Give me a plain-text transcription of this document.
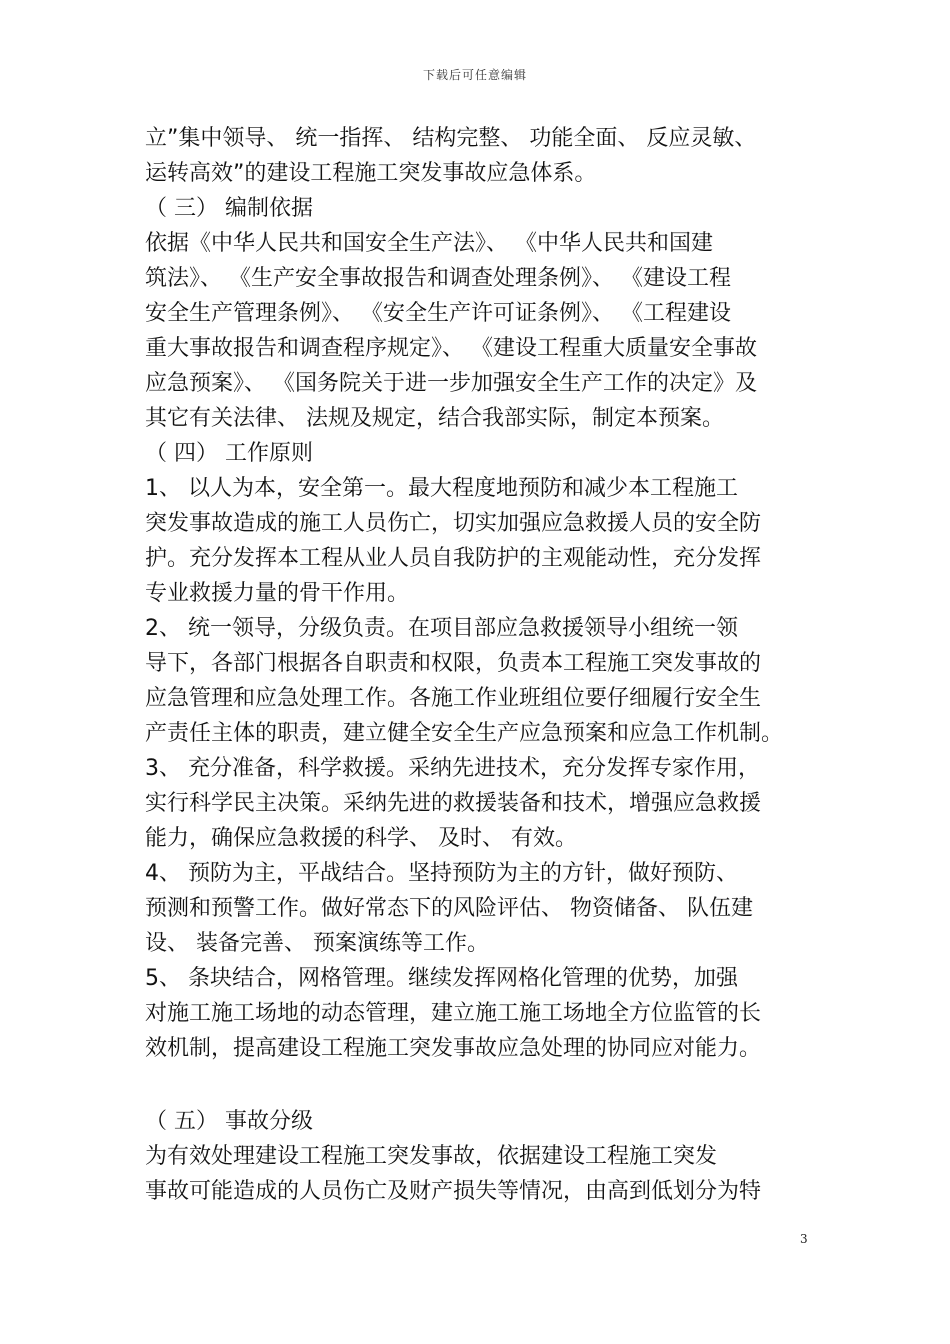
下载后可任意编辑
立”集中领导、 统一指挥、 结构完整、 功能全面、 反应灵敏、
运转高效”的建设工程施工突发事故应急体系。
（ 三） 编制依据
依据《中华人民共和国安全生产法》、 《中华人民共和国建
筑法》、 《生产安全事故报告和调查处理条例》、 《建设工程
安全生产管理条例》、 《安全生产许可证条例》、 《工程建设
重大事故报告和调查程序规定》、 《建设工程重大质量安全事故
应急预案》、 《国务院关于进一步加强安全生产工作的决定》及
其它有关法律、 法规及规定，结合我部实际，制定本预案。
（ 四） 工作原则
1、 以人为本，安全第一。最大程度地预防和减少本工程施工
突发事故造成的施工人员伤亡，切实加强应急救援人员的安全防
护。充分发挥本工程从业人员自我防护的主观能动性，充分发挥
专业救援力量的骨干作用。
2、 统一领导，分级负责。在项目部应急救援领导小组统一领
导下，各部门根据各自职责和权限，负责本工程施工突发事故的
应急管理和应急处理工作。各施工作业班组位要仔细履行安全生
产责任主体的职责，建立健全安全生产应急预案和应急工作机制。
3、 充分准备，科学救援。采纳先进技术，充分发挥专家作用，
实行科学民主决策。采纳先进的救援装备和技术，增强应急救援
能力，确保应急救援的科学、 及时、 有效。
4、 预防为主，平战结合。坚持预防为主的方针，做好预防、
预测和预警工作。做好常态下的风险评估、 物资储备、 队伍建
设、 装备完善、 预案演练等工作。
5、 条块结合，网格管理。继续发挥网格化管理的优势，加强
对施工施工场地的动态管理，建立施工施工场地全方位监管的长
效机制，提高建设工程施工突发事故应急处理的协同应对能力。
（ 五） 事故分级
为有效处理建设工程施工突发事故，依据建设工程施工突发
事故可能造成的人员伤亡及财产损失等情况，由高到低划分为特
3
